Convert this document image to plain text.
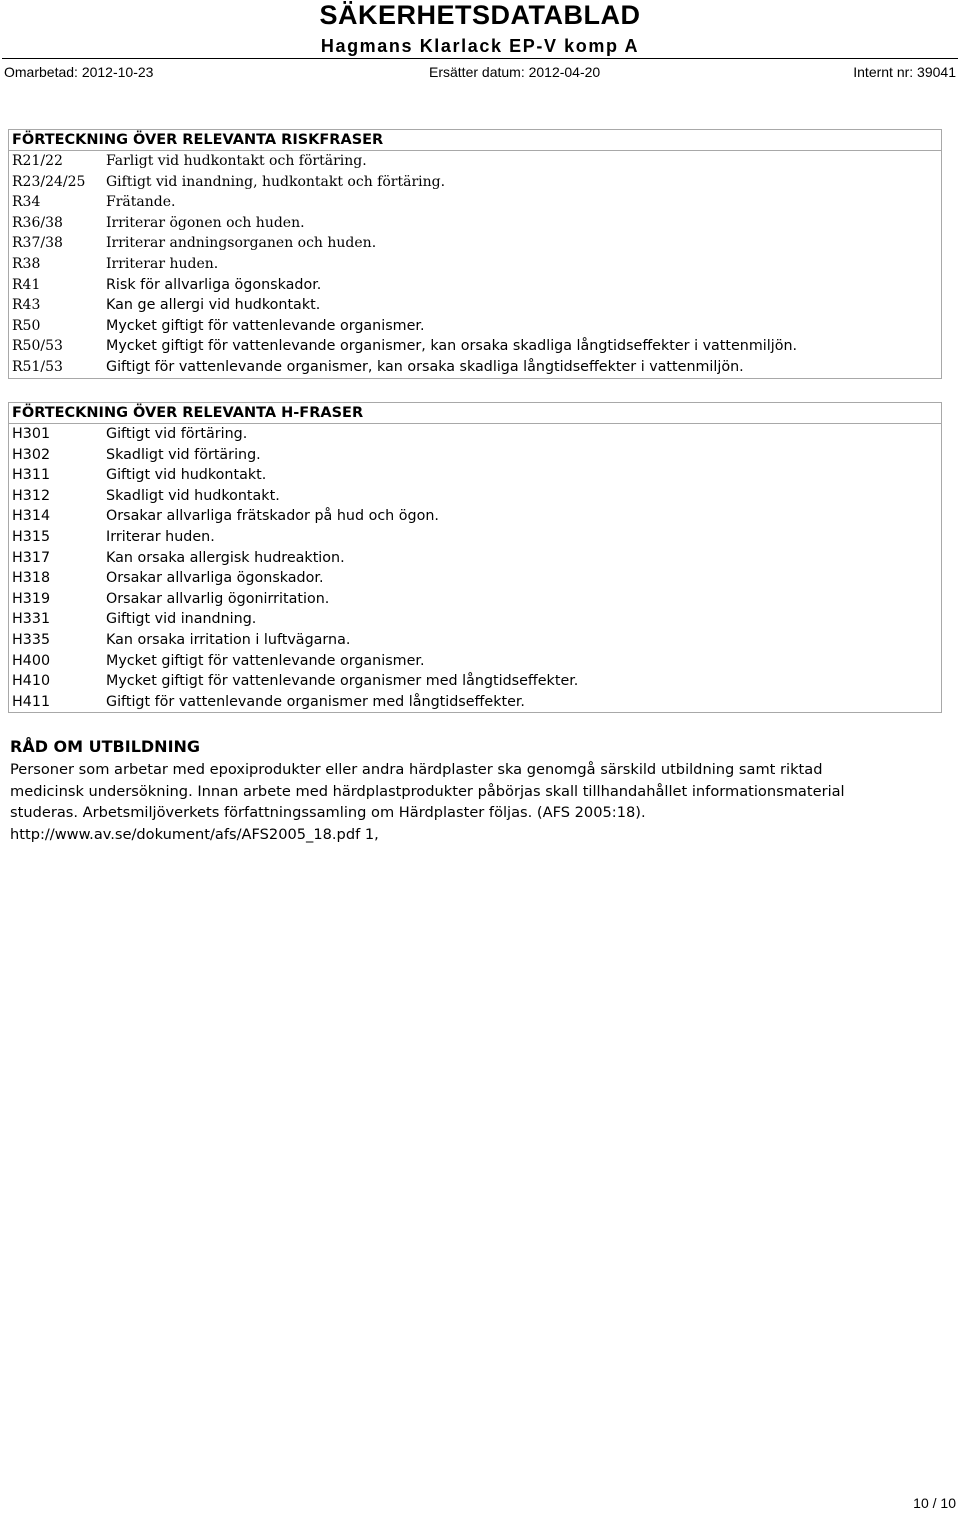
SÄKERHETSDATABLAD
Hagmans Klarlack EP-V komp A
Omarbetad: 2012-10-23	Ersätter datum: 2012-04-20	Internt nr: 39041
FÖRTECKNING ÖVER RELEVANTA RISKFRASER
R21/22	Farligt vid hudkontakt och förtäring.
R23/24/25 Giftigt vid inandning, hudkontakt och förtäring.
R34	Frätande.
R36/38	Irriterar ögonen och huden.
R37/38	Irriterar andningsorganen och huden.
R38	Irriterar huden.
R41	Risk för allvarliga ögonskador.
R43	Kan ge allergi vid hudkontakt.
R50	Mycket giftigt för vattenlevande organismer.
R50/53	Mycket giftigt för vattenlevande organismer, kan orsaka skadliga långtidseffekter i vattenmiljön.
R51/53	Giftigt för vattenlevande organismer, kan orsaka skadliga långtidseffekter i vattenmiljön.
FÖRTECKNING ÖVER RELEVANTA H-FRASER
H301	Giftigt vid förtäring.
H302	Skadligt vid förtäring.
H311	Giftigt vid hudkontakt.
H312	Skadligt vid hudkontakt.
H314	Orsakar allvarliga frätskador på hud och ögon.
H315	Irriterar huden.
H317	Kan orsaka allergisk hudreaktion.
H318	Orsakar allvarliga ögonskador.
H319	Orsakar allvarlig ögonirritation.
H331	Giftigt vid inandning.
H335	Kan orsaka irritation i luftvägarna.
H400	Mycket giftigt för vattenlevande organismer.
H410	Mycket giftigt för vattenlevande organismer med långtidseffekter.
H411	Giftigt för vattenlevande organismer med långtidseffekter.
RÅD OM UTBILDNING
Personer som arbetar med epoxiprodukter eller andra härdplaster ska genomgå särskild utbildning samt riktad
medicinsk undersökning. Innan arbete med härdplastprodukter påbörjas skall tillhandahållet informationsmaterial
studeras. Arbetsmiljöverkets författningssamling om Härdplaster följas. (AFS 2005:18).
http://www.av.se/dokument/afs/AFS2005_18.pdf 1,
10 / 10
